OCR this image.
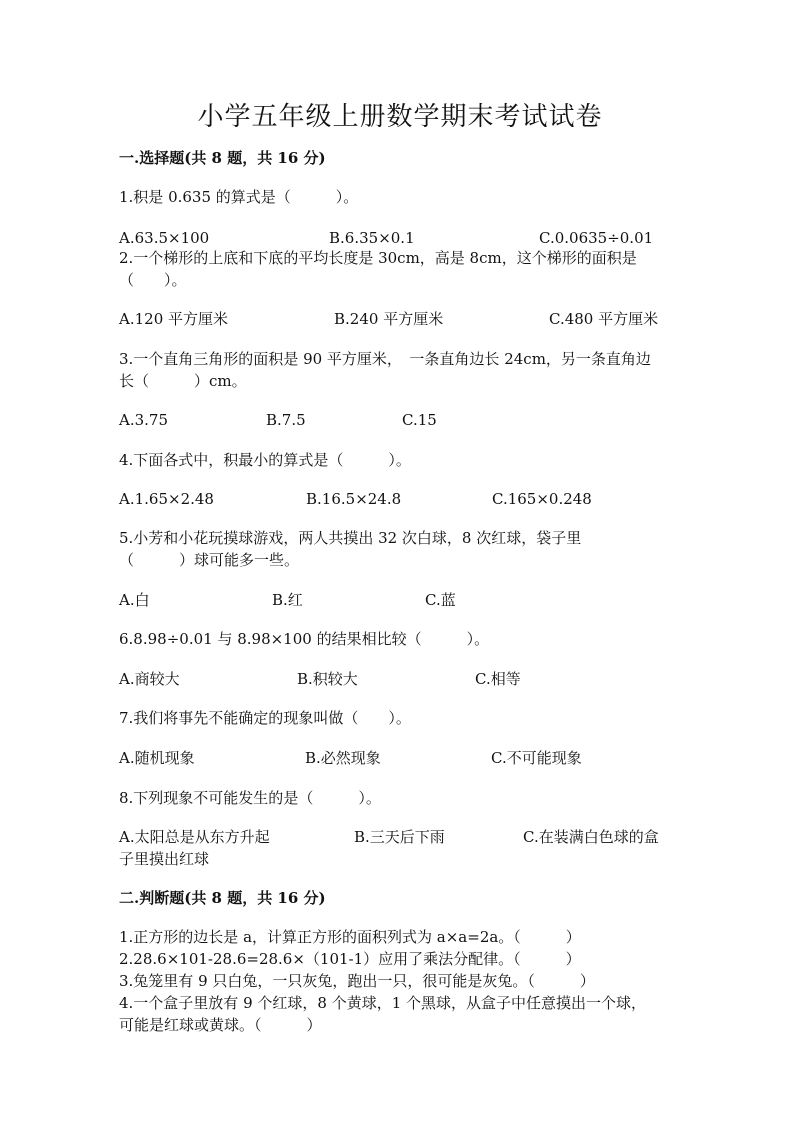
小学五年级上册数学期末考试试卷
一.选择题(共 8 题，共 16 分)
1.积是 0.635 的算式是（　　　）。
A.63.5×100	B.6.35×0.1	C.0.0635÷0.01
2.一个梯形的上底和下底的平均长度是 30cm，高是 8cm，这个梯形的面积是
（　　）。
A.120 平方厘米	B.240 平方厘米	C.480 平方厘米
3.一个直角三角形的面积是 90 平方厘米，　一条直角边长 24cm，另一条直角边
长（　　　）cm。
A.3.75	B.7.5	C.15
4.下面各式中，积最小的算式是（　　　）。
A.1.65×2.48	B.16.5×24.8	C.165×0.248
5.小芳和小花玩摸球游戏，两人共摸出 32 次白球，8 次红球，袋子里
（　　　）球可能多一些。
A.白	B.红	C.蓝
6.8.98÷0.01 与 8.98×100 的结果相比较（　　　）。
A.商较大	B.积较大	C.相等
7.我们将事先不能确定的现象叫做（　　）。
A.随机现象	B.必然现象	C.不可能现象
8.下列现象不可能发生的是（　　　）。
A.太阳总是从东方升起	B.三天后下雨	C.在装满白色球的盒
子里摸出红球
二.判断题(共 8 题，共 16 分)
1.正方形的边长是 a，计算正方形的面积列式为 a×a=2a。（　　　）
2.28.6×101-28.6=28.6×（101-1）应用了乘法分配律。（　　　）
3.兔笼里有 9 只白兔，一只灰兔，跑出一只，很可能是灰兔。（　　　）
4.一个盒子里放有 9 个红球，8 个黄球，1 个黑球，从盒子中任意摸出一个球，
可能是红球或黄球。（　　　）
